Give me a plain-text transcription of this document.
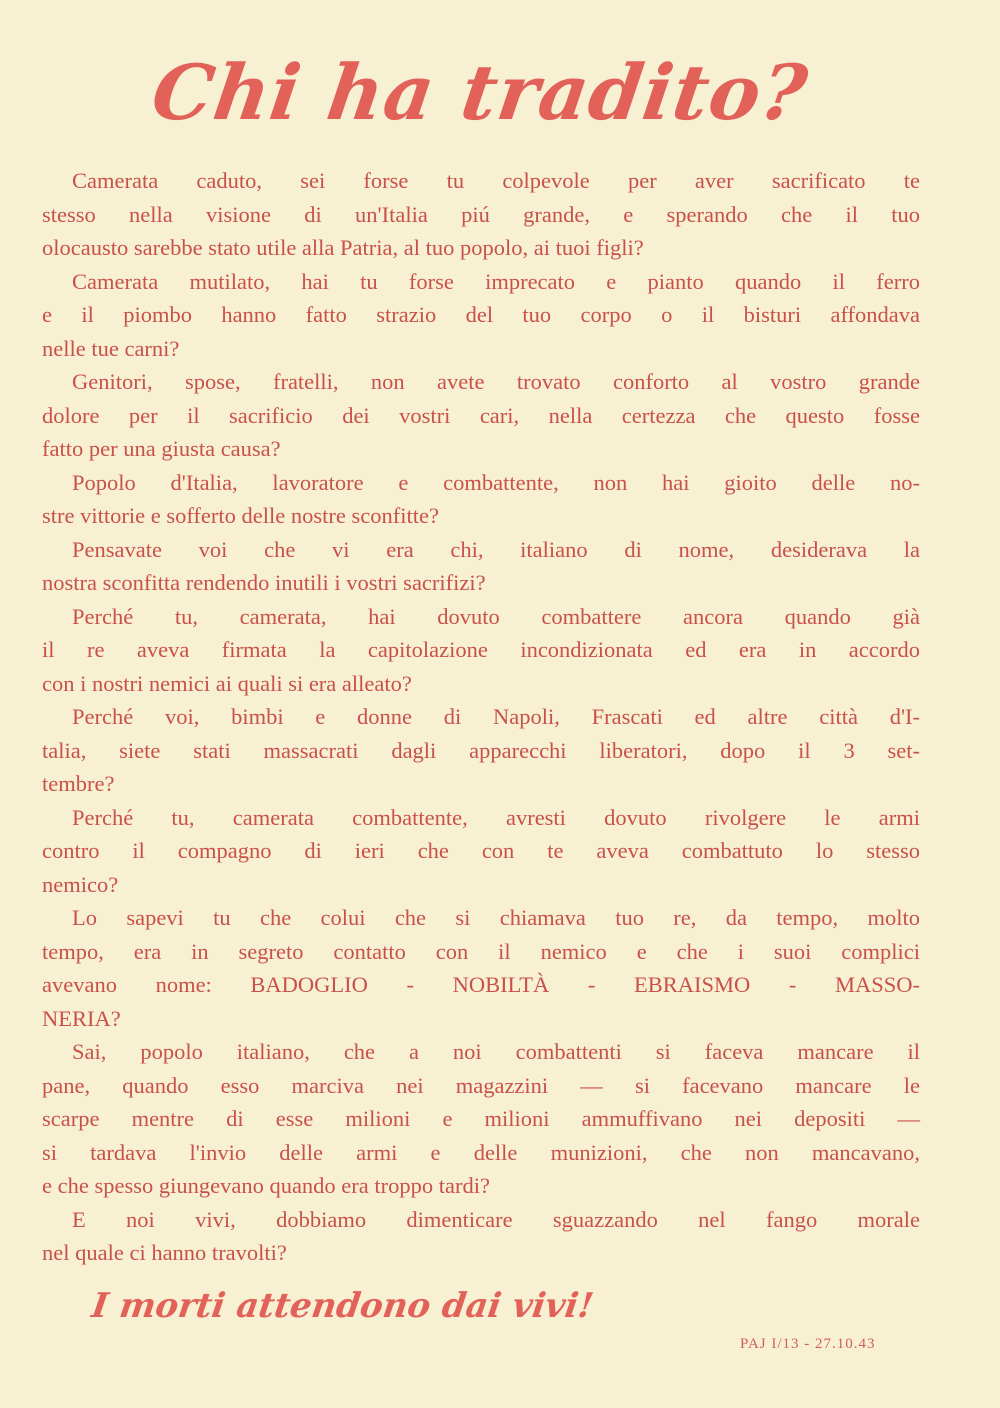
Chi ha tradito?
Camerata caduto, sei forse tu colpevole per aver sacrificato te
stesso nella visione di un'Italia piú grande, e sperando che il tuo
olocausto sarebbe stato utile alla Patria, al tuo popolo, ai tuoi figli?
Camerata mutilato, hai tu forse imprecato e pianto quando il ferro
e il piombo hanno fatto strazio del tuo corpo o il bisturi affondava
nelle tue carni?
Genitori, spose, fratelli, non avete trovato conforto al vostro grande
dolore per il sacrificio dei vostri cari, nella certezza che questo fosse
fatto per una giusta causa?
Popolo d'Italia, lavoratore e combattente, non hai gioito delle no-
stre vittorie e sofferto delle nostre sconfitte?
Pensavate voi che vi era chi, italiano di nome, desiderava la
nostra sconfitta rendendo inutili i vostri sacrifizi?
Perché tu, camerata, hai dovuto combattere ancora quando già
il re aveva firmata la capitolazione incondizionata ed era in accordo
con i nostri nemici ai quali si era alleato?
Perché voi, bimbi e donne di Napoli, Frascati ed altre città d'I-
talia, siete stati massacrati dagli apparecchi liberatori, dopo il 3 set-
tembre?
Perché tu, camerata combattente, avresti dovuto rivolgere le armi
contro il compagno di ieri che con te aveva combattuto lo stesso
nemico?
Lo sapevi tu che colui che si chiamava tuo re, da tempo, molto
tempo, era in segreto contatto con il nemico e che i suoi complici
avevano nome: BADOGLIO - NOBILTÀ - EBRAISMO - MASSO-
NERIA?
Sai, popolo italiano, che a noi combattenti si faceva mancare il
pane, quando esso marciva nei magazzini — si facevano mancare le
scarpe mentre di esse milioni e milioni ammuffivano nei depositi —
si tardava l'invio delle armi e delle munizioni, che non mancavano,
e che spesso giungevano quando era troppo tardi?
E noi vivi, dobbiamo dimenticare sguazzando nel fango morale
nel quale ci hanno travolti?
I morti attendono dai vivi!
PAJ I/13 - 27.10.43
